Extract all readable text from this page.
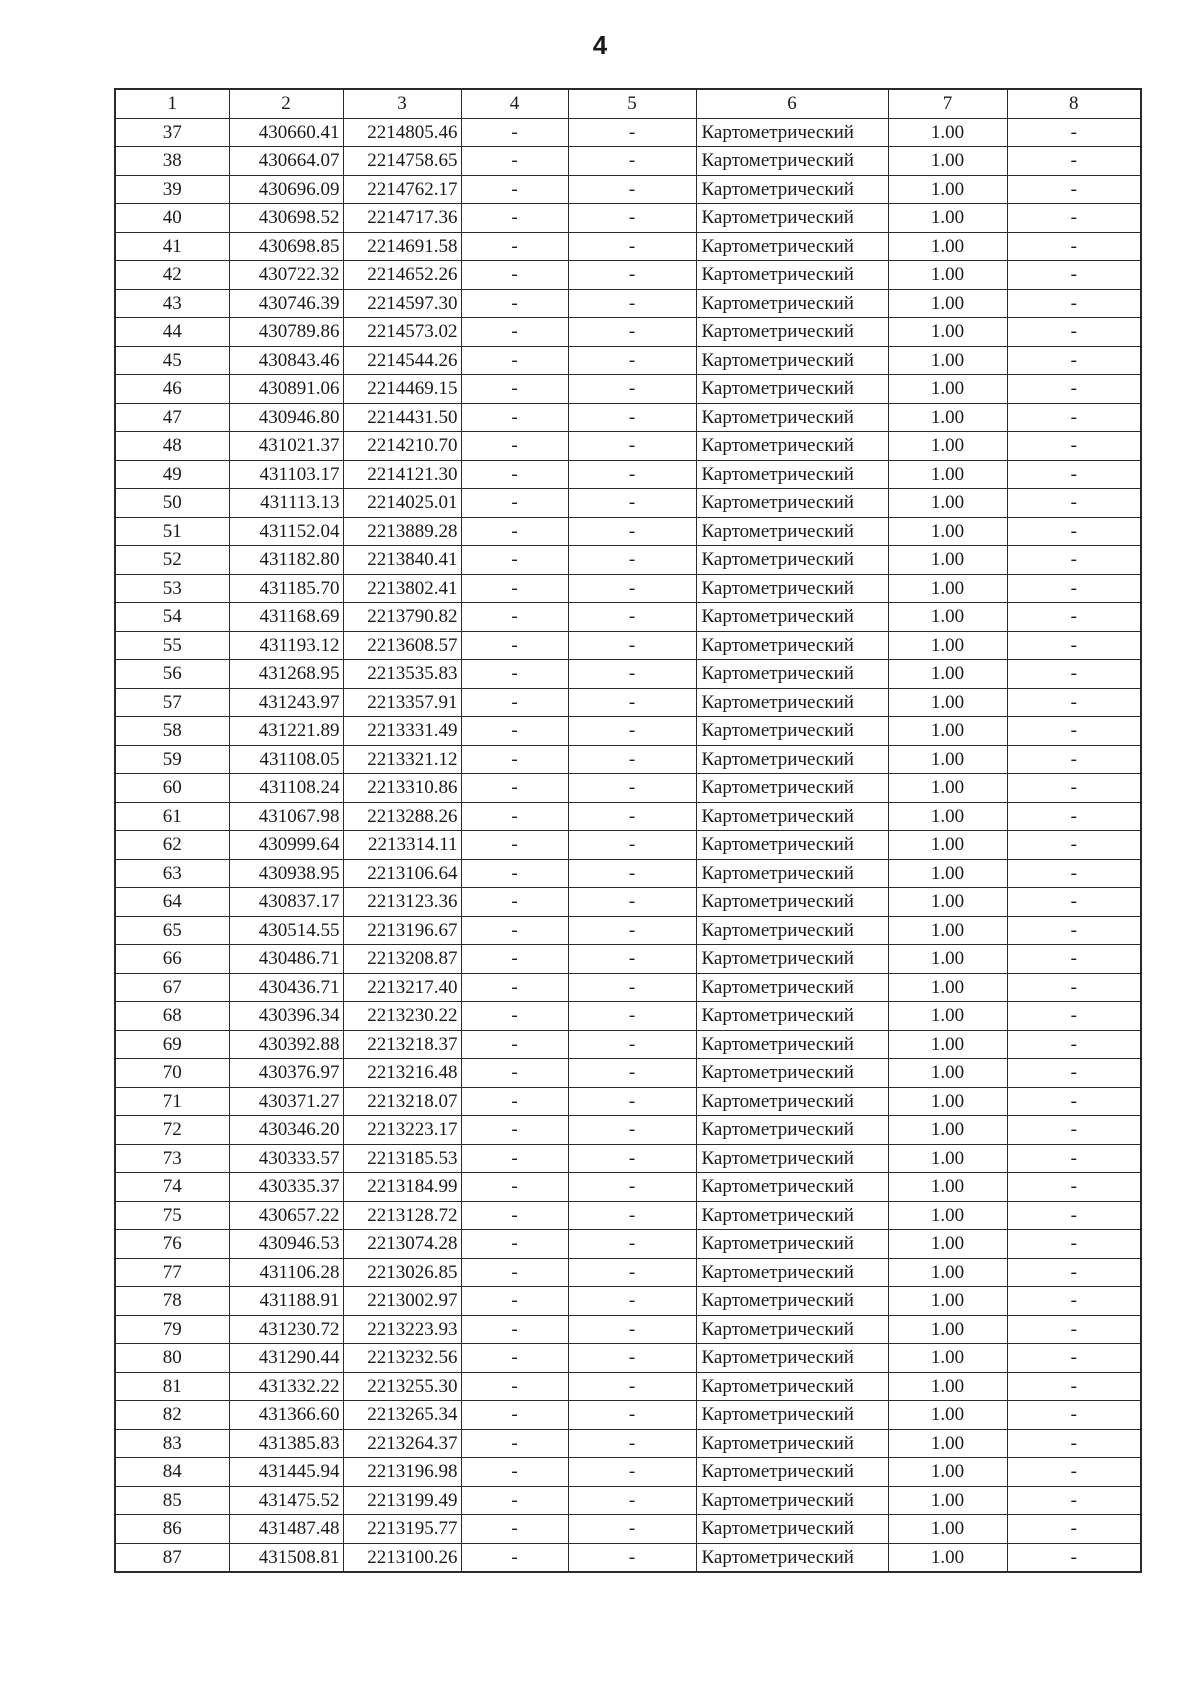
4
1	2	3	4	5	6	7	8
37	430660.41	2214805.46	-	-	Картометрический	1.00	-
38	430664.07	2214758.65	-	-	Картометрический	1.00	-
39	430696.09	2214762.17	-	-	Картометрический	1.00	-
40	430698.52	2214717.36	-	-	Картометрический	1.00	-
41	430698.85	2214691.58	-	-	Картометрический	1.00	-
42	430722.32	2214652.26	-	-	Картометрический	1.00	-
43	430746.39	2214597.30	-	-	Картометрический	1.00	-
44	430789.86	2214573.02	-	-	Картометрический	1.00	-
45	430843.46	2214544.26	-	-	Картометрический	1.00	-
46	430891.06	2214469.15	-	-	Картометрический	1.00	-
47	430946.80	2214431.50	-	-	Картометрический	1.00	-
48	431021.37	2214210.70	-	-	Картометрический	1.00	-
49	431103.17	2214121.30	-	-	Картометрический	1.00	-
50	431113.13	2214025.01	-	-	Картометрический	1.00	-
51	431152.04	2213889.28	-	-	Картометрический	1.00	-
52	431182.80	2213840.41	-	-	Картометрический	1.00	-
53	431185.70	2213802.41	-	-	Картометрический	1.00	-
54	431168.69	2213790.82	-	-	Картометрический	1.00	-
55	431193.12	2213608.57	-	-	Картометрический	1.00	-
56	431268.95	2213535.83	-	-	Картометрический	1.00	-
57	431243.97	2213357.91	-	-	Картометрический	1.00	-
58	431221.89	2213331.49	-	-	Картометрический	1.00	-
59	431108.05	2213321.12	-	-	Картометрический	1.00	-
60	431108.24	2213310.86	-	-	Картометрический	1.00	-
61	431067.98	2213288.26	-	-	Картометрический	1.00	-
62	430999.64	2213314.11	-	-	Картометрический	1.00	-
63	430938.95	2213106.64	-	-	Картометрический	1.00	-
64	430837.17	2213123.36	-	-	Картометрический	1.00	-
65	430514.55	2213196.67	-	-	Картометрический	1.00	-
66	430486.71	2213208.87	-	-	Картометрический	1.00	-
67	430436.71	2213217.40	-	-	Картометрический	1.00	-
68	430396.34	2213230.22	-	-	Картометрический	1.00	-
69	430392.88	2213218.37	-	-	Картометрический	1.00	-
70	430376.97	2213216.48	-	-	Картометрический	1.00	-
71	430371.27	2213218.07	-	-	Картометрический	1.00	-
72	430346.20	2213223.17	-	-	Картометрический	1.00	-
73	430333.57	2213185.53	-	-	Картометрический	1.00	-
74	430335.37	2213184.99	-	-	Картометрический	1.00	-
75	430657.22	2213128.72	-	-	Картометрический	1.00	-
76	430946.53	2213074.28	-	-	Картометрический	1.00	-
77	431106.28	2213026.85	-	-	Картометрический	1.00	-
78	431188.91	2213002.97	-	-	Картометрический	1.00	-
79	431230.72	2213223.93	-	-	Картометрический	1.00	-
80	431290.44	2213232.56	-	-	Картометрический	1.00	-
81	431332.22	2213255.30	-	-	Картометрический	1.00	-
82	431366.60	2213265.34	-	-	Картометрический	1.00	-
83	431385.83	2213264.37	-	-	Картометрический	1.00	-
84	431445.94	2213196.98	-	-	Картометрический	1.00	-
85	431475.52	2213199.49	-	-	Картометрический	1.00	-
86	431487.48	2213195.77	-	-	Картометрический	1.00	-
87	431508.81	2213100.26	-	-	Картометрический	1.00	-
